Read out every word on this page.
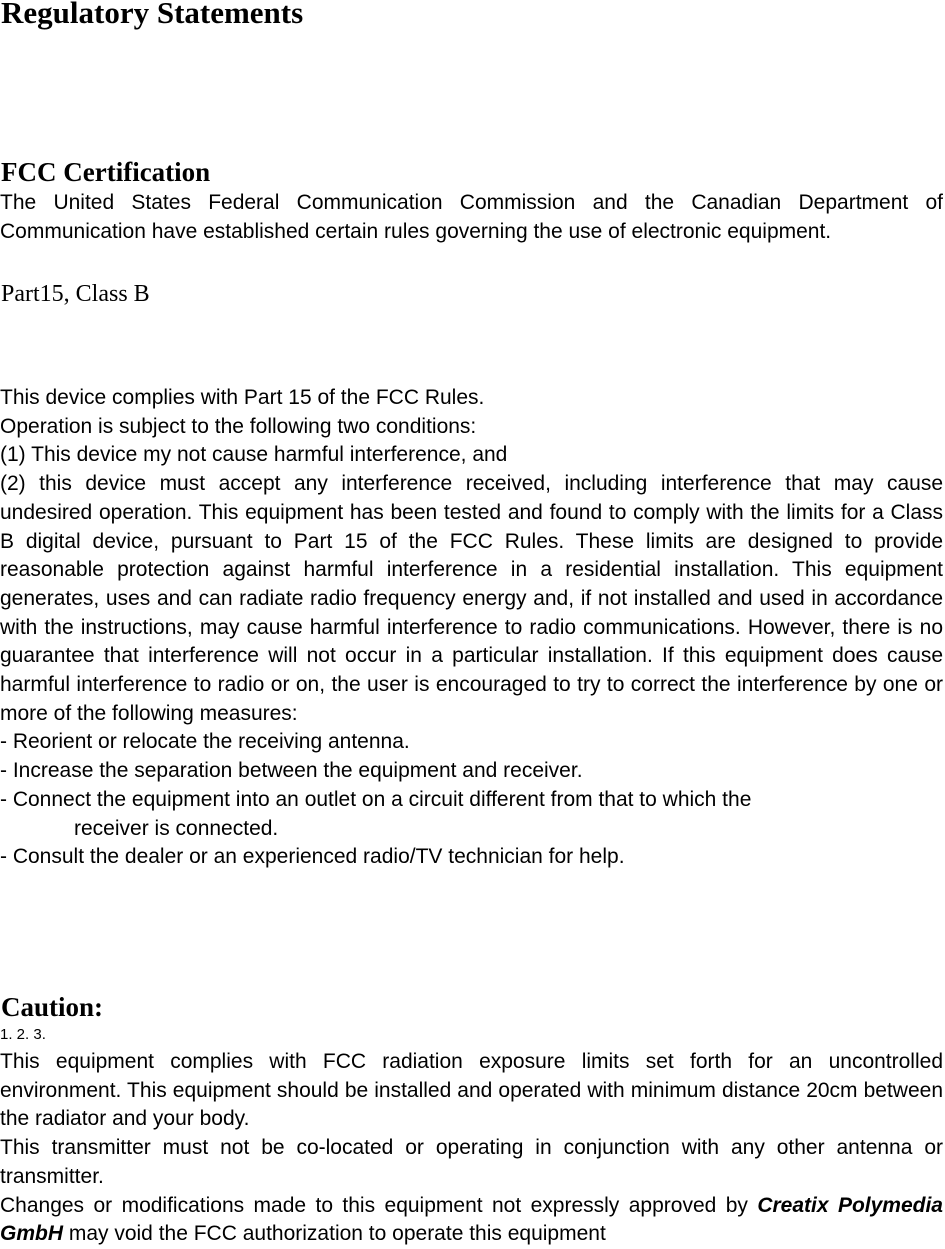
Regulatory Statements
FCC Certification

The United States Federal Communication Commission and the Canadian Department of Communication have established certain rules governing the use of electronic equipment.

Part15, Class B

This device complies with Part 15 of the FCC Rules.
Operation is subject to the following two conditions:
(1) This device my not cause harmful interference, and
(2) this device must accept any interference received, including interference that may cause undesired operation. This equipment has been tested and found to comply with the limits for a Class B digital device, pursuant to Part 15 of the FCC Rules. These limits are designed to provide reasonable protection against harmful interference in a residential installation. This equipment generates, uses and can radiate radio frequency energy and, if not installed and used in accordance with the instructions, may cause harmful interference to radio communications. However, there is no guarantee that interference will not occur in a particular installation. If this equipment does cause harmful interference to radio or on, the user is encouraged to try to correct the interference by one or more of the following measures:
- Reorient or relocate the receiving antenna.
- Increase the separation between the equipment and receiver.
- Connect the equipment into an outlet on a circuit different from that to which the
receiver is connected.
- Consult the dealer or an experienced radio/TV technician for help.
Caution:

1. 2. 3.

This equipment complies with FCC radiation exposure limits set forth for an uncontrolled environment. This equipment should be installed and operated with minimum distance 20cm between the radiator and your body.
This transmitter must not be co-located or operating in conjunction with any other antenna or transmitter.
Changes or modifications made to this equipment not expressly approved by Creatix Polymedia GmbH may void the FCC authorization to operate this equipment
